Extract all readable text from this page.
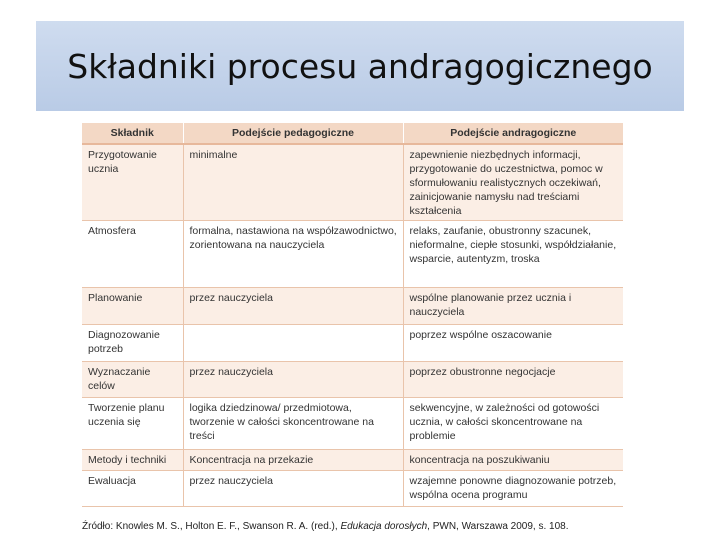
Składniki procesu andragogicznego
Składnik	Podejście pedagogiczne	Podejście andragogiczne
Przygotowanie ucznia	minimalne	zapewnienie niezbędnych informacji, przygotowanie do uczestnictwa, pomoc w sformułowaniu realistycznych oczekiwań, zainicjowanie namysłu nad treściami kształcenia
Atmosfera	formalna, nastawiona na współzawodnictwo, zorientowana na nauczyciela	relaks, zaufanie, obustronny szacunek, nieformalne, ciepłe stosunki, współdziałanie, wsparcie, autentyzm, troska
Planowanie	przez nauczyciela	wspólne planowanie przez ucznia i nauczyciela
Diagnozowanie potrzeb		poprzez wspólne oszacowanie
Wyznaczanie celów	przez nauczyciela	poprzez obustronne negocjacje
Tworzenie planu uczenia się	logika dziedzinowa/ przedmiotowa, tworzenie w całości skoncentrowane na treści	sekwencyjne, w zależności od gotowości ucznia, w całości skoncentrowane na problemie
Metody i techniki	Koncentracja na przekazie	koncentracja na poszukiwaniu
Ewaluacja	przez nauczyciela	wzajemne ponowne diagnozowanie potrzeb, wspólna ocena programu
Źródło: Knowles M. S., Holton E. F., Swanson R. A. (red.), Edukacja dorosłych, PWN, Warszawa 2009, s. 108.
